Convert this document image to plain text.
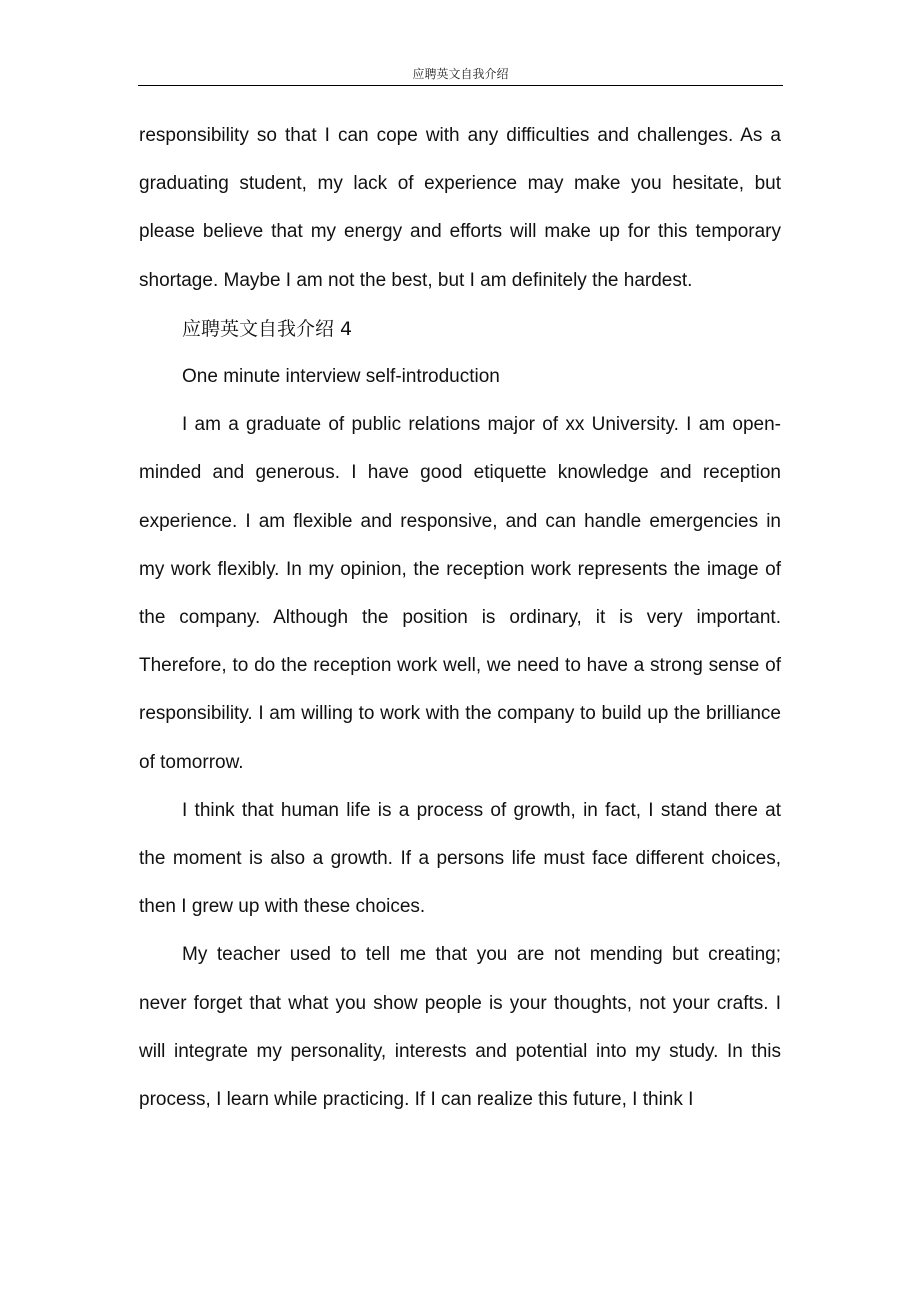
应聘英文自我介绍

responsibility so that I can cope with any difficulties and challenges. As a graduating student, my lack of experience may make you hesitate, but please believe that my energy and efforts will make up for this temporary shortage. Maybe I am not the best, but I am definitely the hardest.

应聘英文自我介绍 4

One minute interview self-introduction

I am a graduate of public relations major of xx University. I am open-minded and generous. I have good etiquette knowledge and reception experience. I am flexible and responsive, and can handle emergencies in my work flexibly. In my opinion, the reception work represents the image of the company. Although the position is ordinary, it is very important. Therefore, to do the reception work well, we need to have a strong sense of responsibility. I am willing to work with the company to build up the brilliance of tomorrow.

I think that human life is a process of growth, in fact, I stand there at the moment is also a growth. If a persons life must face different choices, then I grew up with these choices.

My teacher used to tell me that you are not mending but creating; never forget that what you show people is your thoughts, not your crafts. I will integrate my personality, interests and potential into my study. In this process, I learn while practicing. If I can realize this future, I think I
